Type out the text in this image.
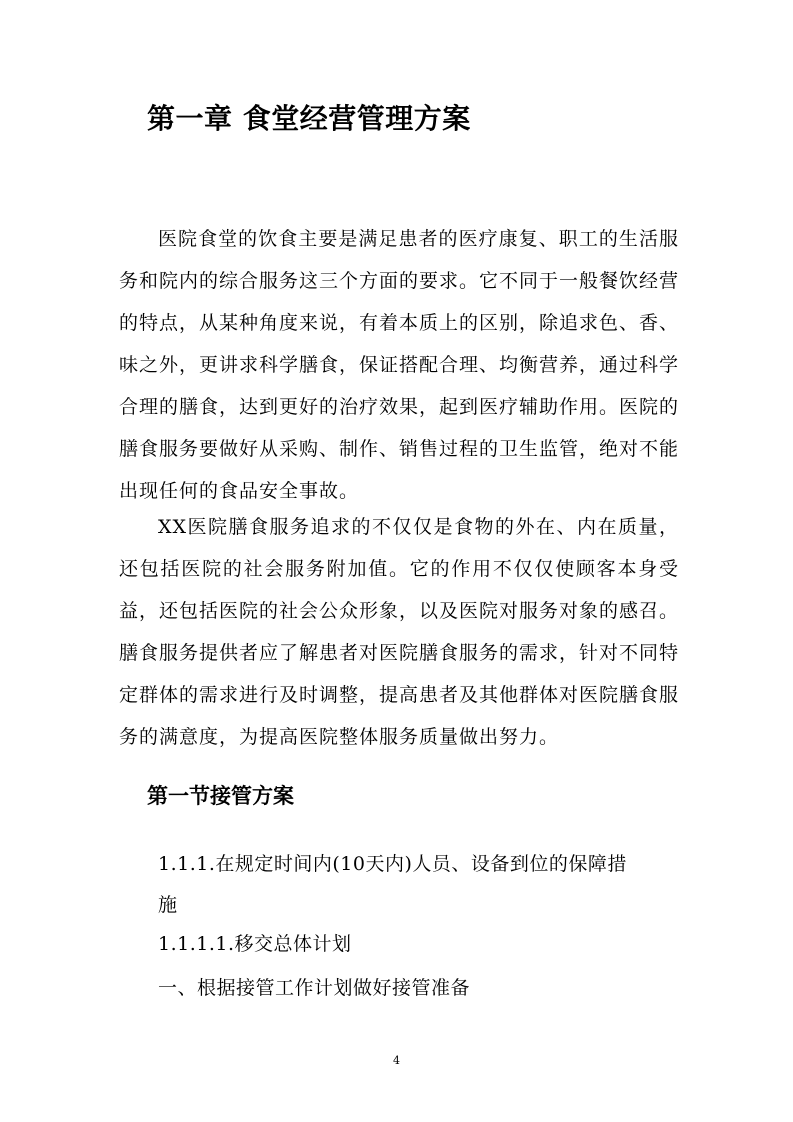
第一章 食堂经营管理方案

医院食堂的饮食主要是满足患者的医疗康复、职工的生活服务和院内的综合服务这三个方面的要求。它不同于一般餐饮经营的特点，从某种角度来说，有着本质上的区别，除追求色、香、味之外，更讲求科学膳食，保证搭配合理、均衡营养，通过科学合理的膳食，达到更好的治疗效果，起到医疗辅助作用。医院的膳食服务要做好从采购、制作、销售过程的卫生监管，绝对不能出现任何的食品安全事故。

XX医院膳食服务追求的不仅仅是食物的外在、内在质量，还包括医院的社会服务附加值。它的作用不仅仅使顾客本身受益，还包括医院的社会公众形象，以及医院对服务对象的感召。膳食服务提供者应了解患者对医院膳食服务的需求，针对不同特定群体的需求进行及时调整，提高患者及其他群体对医院膳食服务的满意度，为提高医院整体服务质量做出努力。

第一节接管方案

1.1.1.在规定时间内(10天内)人员、设备到位的保障措

施

1.1.1.1.移交总体计划

一、根据接管工作计划做好接管准备

4
